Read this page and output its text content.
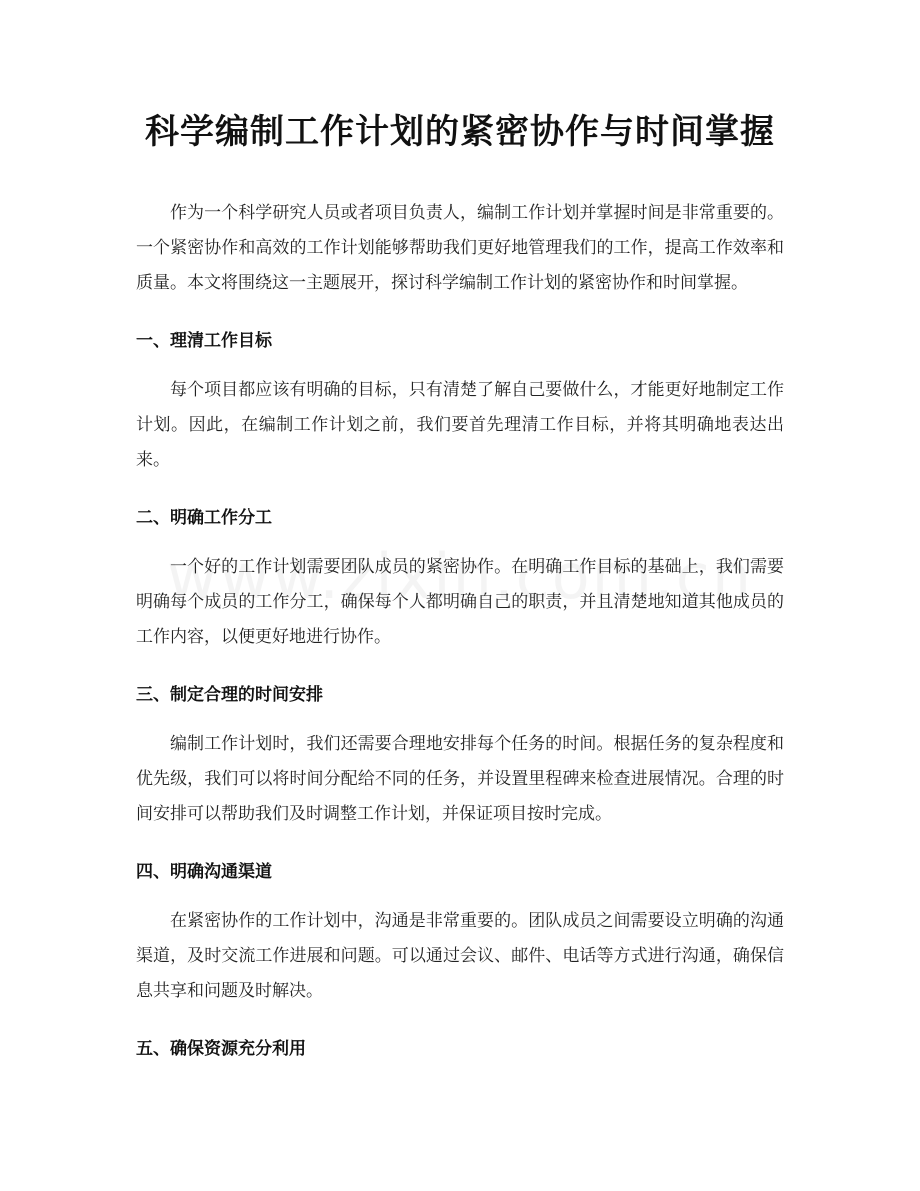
科学编制工作计划的紧密协作与时间掌握

作为一个科学研究人员或者项目负责人，编制工作计划并掌握时间是非常重要的。一个紧密协作和高效的工作计划能够帮助我们更好地管理我们的工作，提高工作效率和质量。本文将围绕这一主题展开，探讨科学编制工作计划的紧密协作和时间掌握。

一、理清工作目标

每个项目都应该有明确的目标，只有清楚了解自己要做什么，才能更好地制定工作计划。因此，在编制工作计划之前，我们要首先理清工作目标，并将其明确地表达出来。

二、明确工作分工

一个好的工作计划需要团队成员的紧密协作。在明确工作目标的基础上，我们需要明确每个成员的工作分工，确保每个人都明确自己的职责，并且清楚地知道其他成员的工作内容，以便更好地进行协作。

三、制定合理的时间安排

编制工作计划时，我们还需要合理地安排每个任务的时间。根据任务的复杂程度和优先级，我们可以将时间分配给不同的任务，并设置里程碑来检查进展情况。合理的时间安排可以帮助我们及时调整工作计划，并保证项目按时完成。

四、明确沟通渠道

在紧密协作的工作计划中，沟通是非常重要的。团队成员之间需要设立明确的沟通渠道，及时交流工作进展和问题。可以通过会议、邮件、电话等方式进行沟通，确保信息共享和问题及时解决。

五、确保资源充分利用
